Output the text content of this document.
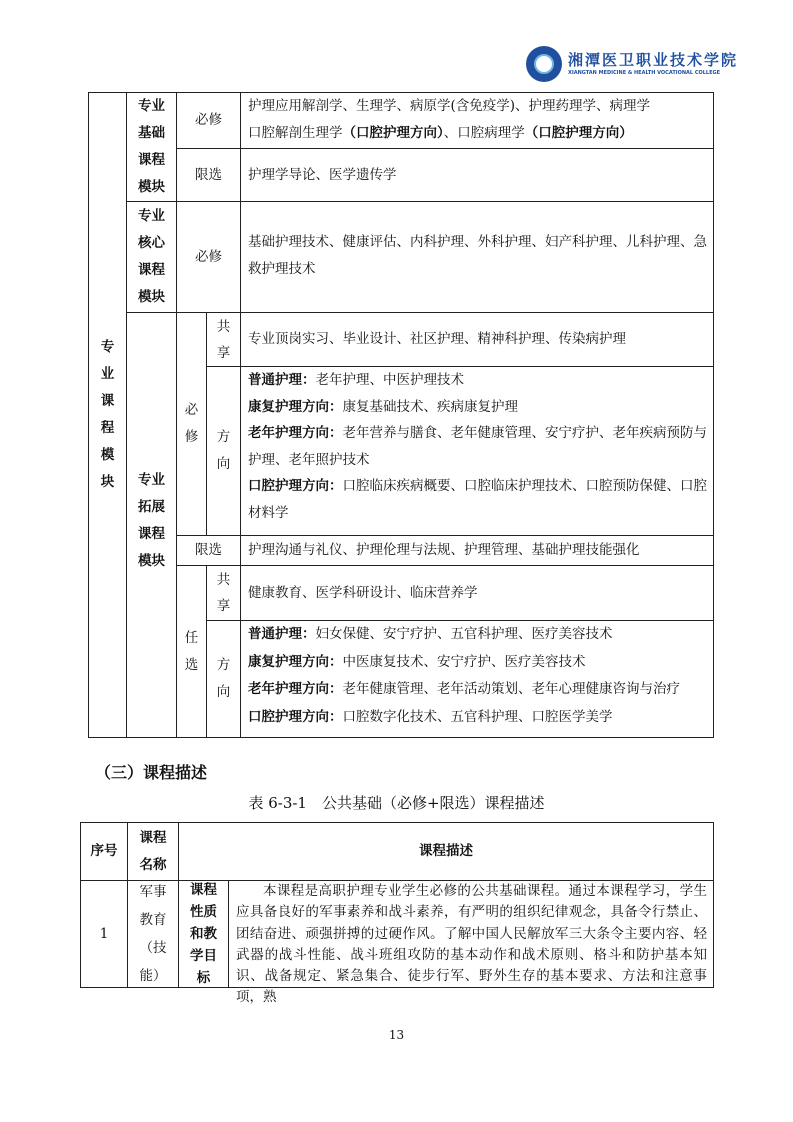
湘潭医卫职业技术学院
XIANGTAN MEDICINE & HEALTH VOCATIONAL COLLEGE
专业课程模块
专业基础课程模块
必修
护理应用解剖学、生理学、病原学(含免疫学)、护理药理学、病理学
口腔解剖生理学（口腔护理方向）、口腔病理学（口腔护理方向）
限选 护理学导论、医学遗传学
专业核心课程模块
必修
基础护理技术、健康评估、内科护理、外科护理、妇产科护理、儿科护理、急救护理技术
专业拓展课程模块
必修
共享
专业顶岗实习、毕业设计、社区护理、精神科护理、传染病护理
方向
普通护理：老年护理、中医护理技术
康复护理方向：康复基础技术、疾病康复护理
老年护理方向：老年营养与膳食、老年健康管理、安宁疗护、老年疾病预防与护理、老年照护技术
口腔护理方向：口腔临床疾病概要、口腔临床护理技术、口腔预防保健、口腔材料学
限选 护理沟通与礼仪、护理伦理与法规、护理管理、基础护理技能强化
任选
共享
健康教育、医学科研设计、临床营养学
方向
普通护理：妇女保健、安宁疗护、五官科护理、医疗美容技术
康复护理方向：中医康复技术、安宁疗护、医疗美容技术
老年护理方向：老年健康管理、老年活动策划、老年心理健康咨询与治疗
口腔护理方向：口腔数字化技术、五官科护理、口腔医学美学
（三）课程描述
表 6-3-1　公共基础（必修+限选）课程描述
序号
课程名称
课程描述
1
军事教育（技能）
课程性质和教学目标
本课程是高职护理专业学生必修的公共基础课程。通过本课程学习，学生应具备良好的军事素养和战斗素养，有严明的组织纪律观念，具备令行禁止、团结奋进、顽强拼搏的过硬作风。了解中国人民解放军三大条令主要内容、轻武器的战斗性能、战斗班组攻防的基本动作和战术原则、格斗和防护基本知识、战备规定、紧急集合、徒步行军、野外生存的基本要求、方法和注意事项，熟
13
